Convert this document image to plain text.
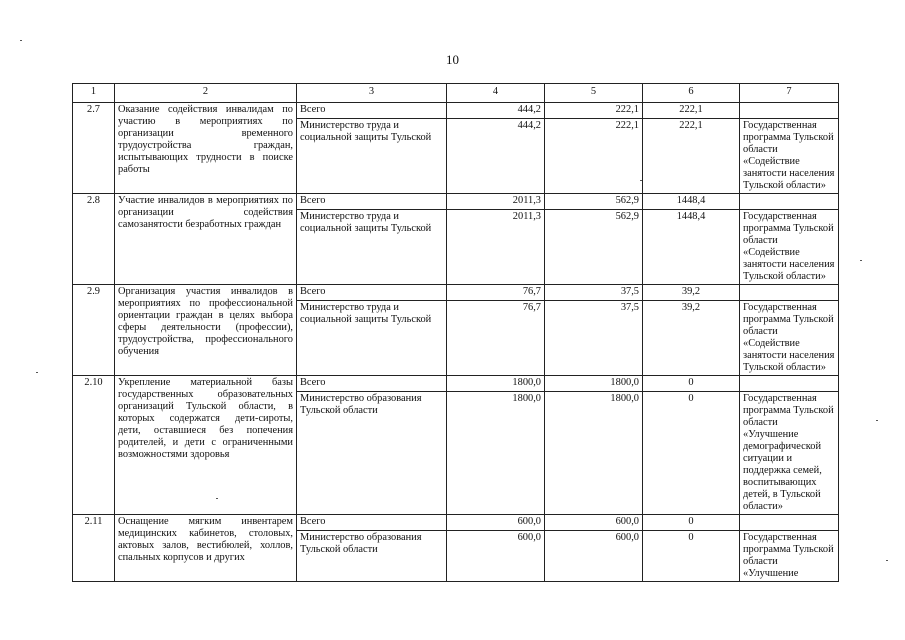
10
1	2	3	4	5	6	7
2.7	Оказание содействия инвалидам по участию в мероприятиях по организации временного трудоустройства граждан, испытывающих трудности в поиске работы	Всего	444,2	222,1	222,1	
		Министерство труда и социальной защиты Тульской	444,2	222,1	222,1	Государственная программа Тульской области «Содействие занятости населения Тульской области»
2.8	Участие инвалидов в мероприятиях по организации содействия самозанятости безработных граждан	Всего	2011,3	562,9	1448,4	
		Министерство труда и социальной защиты Тульской	2011,3	562,9	1448,4	Государственная программа Тульской области «Содействие занятости населения Тульской области»
2.9	Организация участия инвалидов в мероприятиях по профессиональной ориентации граждан в целях выбора сферы деятельности (профессии), трудоустройства, профессионального обучения	Всего	76,7	37,5	39,2	
		Министерство труда и социальной защиты Тульской	76,7	37,5	39,2	Государственная программа Тульской области «Содействие занятости населения Тульской области»
2.10	Укрепление материальной базы государственных образовательных организаций Тульской области, в которых содержатся дети-сироты, дети, оставшиеся без попечения родителей, и дети с ограниченными возможностями здоровья	Всего	1800,0	1800,0	0	
		Министерство образования Тульской области	1800,0	1800,0	0	Государственная программа Тульской области «Улучшение демографической ситуации и поддержка семей, воспитывающих детей, в Тульской области»
2.11	Оснащение мягким инвентарем медицинских кабинетов, столовых, актовых залов, вестибюлей, холлов, спальных корпусов и других	Всего	600,0	600,0	0	
		Министерство образования Тульской области	600,0	600,0	0	Государственная программа Тульской области «Улучшение
